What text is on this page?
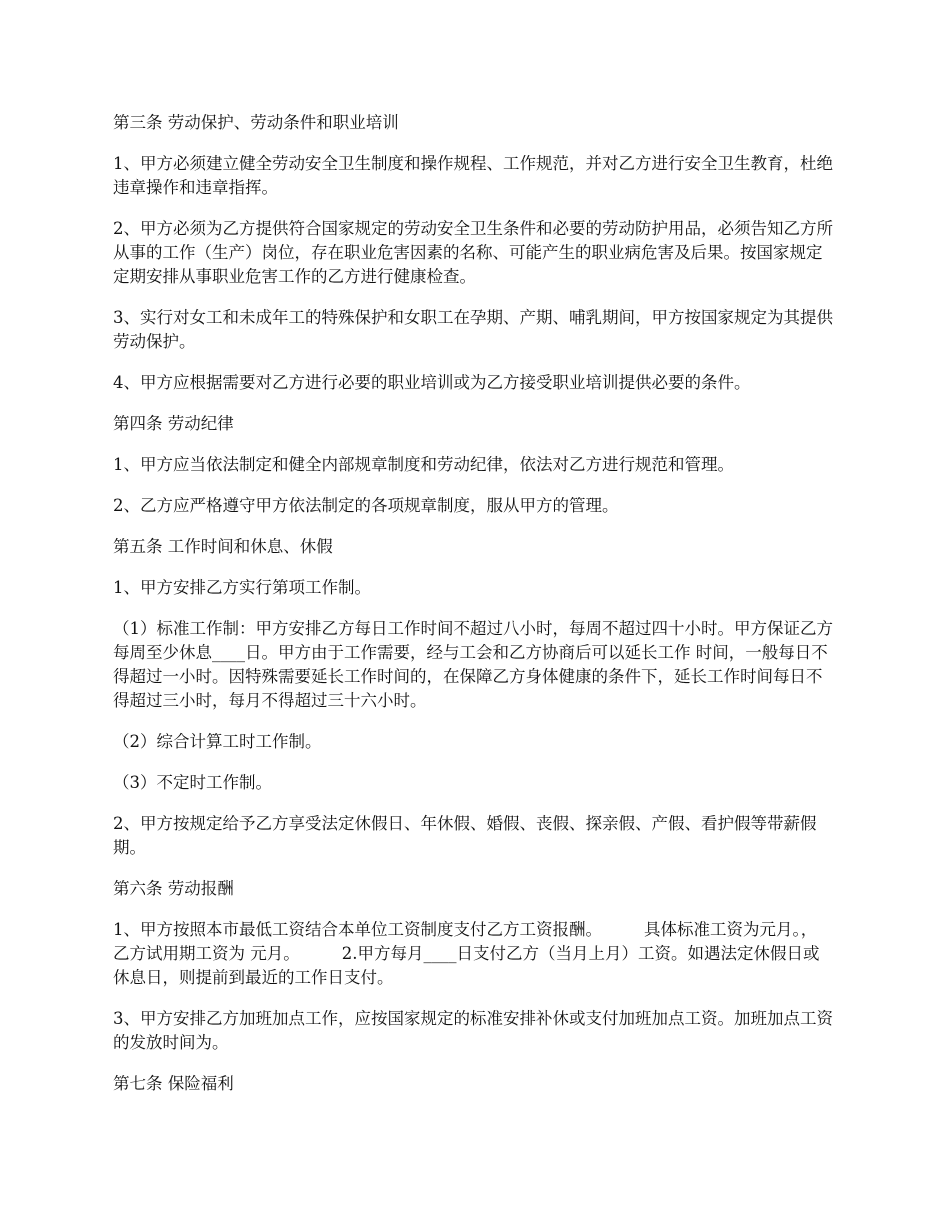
第三条 劳动保护、劳动条件和职业培训

1、甲方必须建立健全劳动安全卫生制度和操作规程、工作规范，并对乙方进行安全卫生教育，杜绝违章操作和违章指挥。

2、甲方必须为乙方提供符合国家规定的劳动安全卫生条件和必要的劳动防护用品，必须告知乙方所从事的工作（生产）岗位，存在职业危害因素的名称、可能产生的职业病危害及后果。按国家规定定期安排从事职业危害工作的乙方进行健康检查。

3、实行对女工和未成年工的特殊保护和女职工在孕期、产期、哺乳期间，甲方按国家规定为其提供劳动保护。

4、甲方应根据需要对乙方进行必要的职业培训或为乙方接受职业培训提供必要的条件。

第四条 劳动纪律

1、甲方应当依法制定和健全内部规章制度和劳动纪律，依法对乙方进行规范和管理。

2、乙方应严格遵守甲方依法制定的各项规章制度，服从甲方的管理。

第五条 工作时间和休息、休假

1、甲方安排乙方实行第项工作制。

（1）标准工作制：甲方安排乙方每日工作时间不超过八小时，每周不超过四十小时。甲方保证乙方每周至少休息____日。甲方由于工作需要，经与工会和乙方协商后可以延长工作 时间，一般每日不得超过一小时。因特殊需要延长工作时间的，在保障乙方身体健康的条件下，延长工作时间每日不得超过三小时，每月不得超过三十六小时。

（2）综合计算工时工作制。

（3）不定时工作制。

2、甲方按规定给予乙方享受法定休假日、年休假、婚假、丧假、探亲假、产假、看护假等带薪假期。

第六条 劳动报酬

1、甲方按照本市最低工资结合本单位工资制度支付乙方工资报酬。        具体标准工资为元月。，乙方试用期工资为 元月。        2.甲方每月____日支付乙方（当月上月）工资。如遇法定休假日或休息日，则提前到最近的工作日支付。

3、甲方安排乙方加班加点工作，应按国家规定的标准安排补休或支付加班加点工资。加班加点工资的发放时间为。

第七条 保险福利
